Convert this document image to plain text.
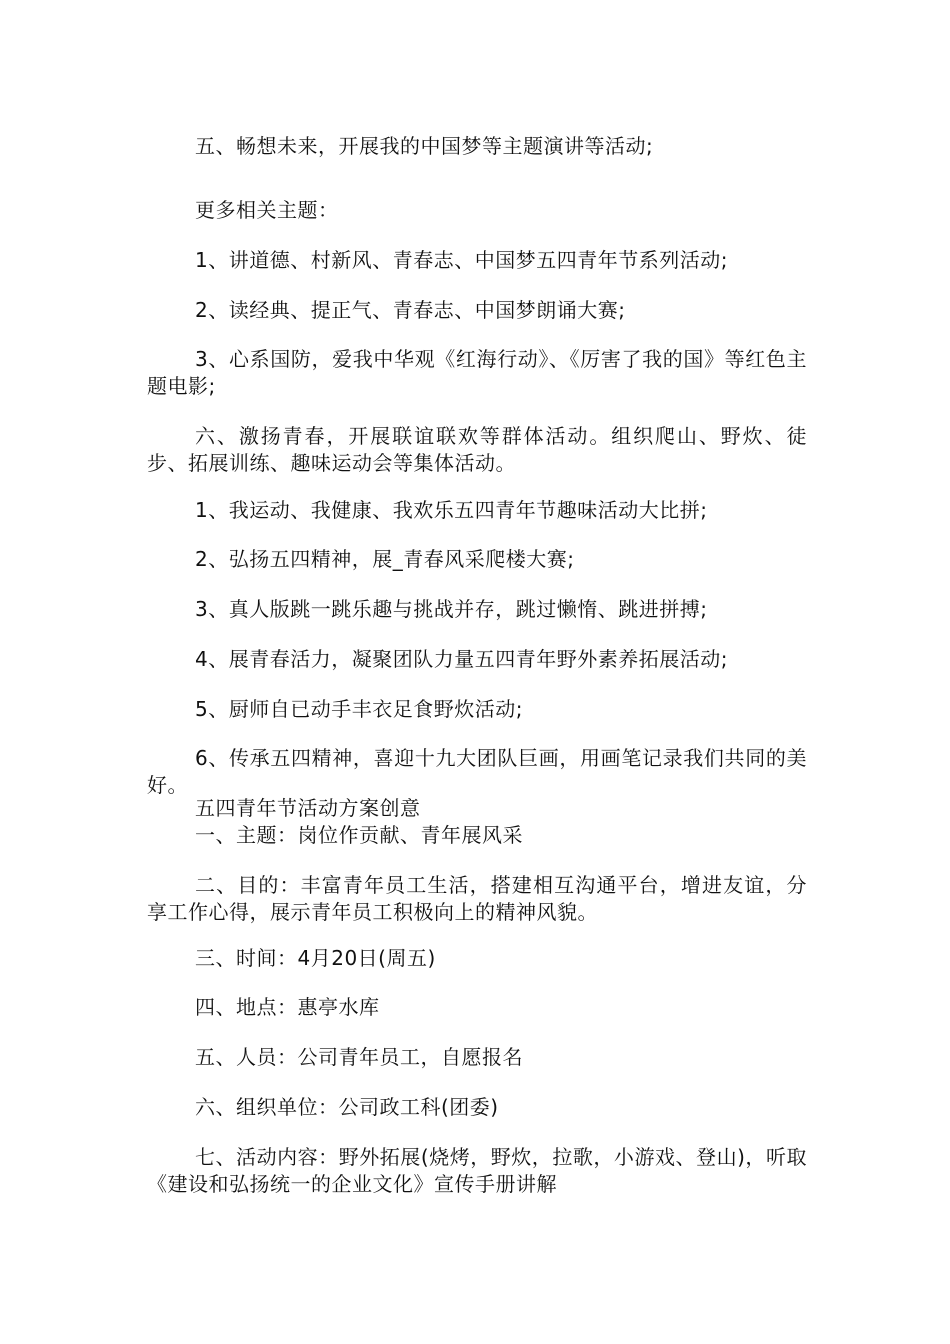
五、畅想未来，开展我的中国梦等主题演讲等活动;

更多相关主题：

1、讲道德、村新风、青春志、中国梦五四青年节系列活动;

2、读经典、提正气、青春志、中国梦朗诵大赛;

3、心系国防，爱我中华观《红海行动》、《厉害了我的国》等红色主题电影;

六、激扬青春，开展联谊联欢等群体活动。组织爬山、野炊、徒步、拓展训练、趣味运动会等集体活动。

1、我运动、我健康、我欢乐五四青年节趣味活动大比拼;

2、弘扬五四精神，展_青春风采爬楼大赛;

3、真人版跳一跳乐趣与挑战并存，跳过懒惰、跳进拼搏;

4、展青春活力，凝聚团队力量五四青年野外素养拓展活动;

5、厨师自已动手丰衣足食野炊活动;

6、传承五四精神，喜迎十九大团队巨画，用画笔记录我们共同的美好。

五四青年节活动方案创意

一、主题：岗位作贡献、青年展风采

二、目的：丰富青年员工生活，搭建相互沟通平台，增进友谊，分享工作心得，展示青年员工积极向上的精神风貌。

三、时间：4月20日(周五)

四、地点：惠亭水库

五、人员：公司青年员工，自愿报名

六、组织单位：公司政工科(团委)

七、活动内容：野外拓展(烧烤，野炊，拉歌，小游戏、登山)，听取《建设和弘扬统一的企业文化》宣传手册讲解
